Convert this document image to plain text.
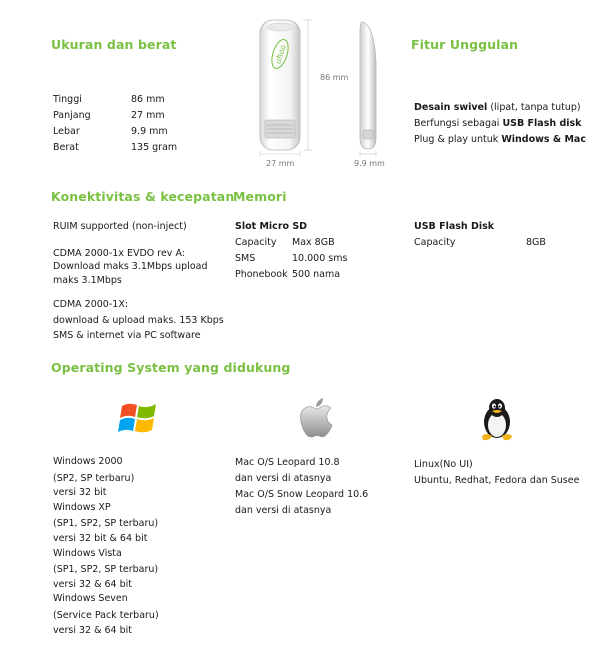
Ukuran dan berat
Tinggi	86 mm
Panjang	27 mm
Lebar	9.9 mm
Berat	135 gram
ahaa
86 mm
27 mm	9.9 mm
Fitur Unggulan
Desain swivel (lipat, tanpa tutup)
Berfungsi sebagai USB Flash disk
Plug & play untuk Windows & Mac
Konektivitas & kecepatan
RUIM supported (non-inject)
CDMA 2000-1x EVDO rev A:
Download maks 3.1Mbps upload
maks 3.1Mbps
CDMA 2000-1X:
download & upload maks. 153 Kbps
SMS & internet via PC software
Memori
Slot Micro SD
Capacity	Max 8GB
SMS	10.000 sms
Phonebook	500 nama
USB Flash Disk
Capacity	8GB
Operating System yang didukung

Windows 2000

(SP2, SP terbaru)

versi 32 bit

Windows XP

(SP1, SP2, SP terbaru)

versi 32 bit & 64 bit

Windows Vista

(SP1, SP2, SP terbaru)

versi 32 & 64 bit

Windows Seven

(Service Pack terbaru)

versi 32 & 64 bit

Mac O/S Leopard 10.8

dan versi di atasnya

Mac O/S Snow Leopard 10.6

dan versi di atasnya

Linux(No UI)

Ubuntu, Redhat, Fedora dan Susee
